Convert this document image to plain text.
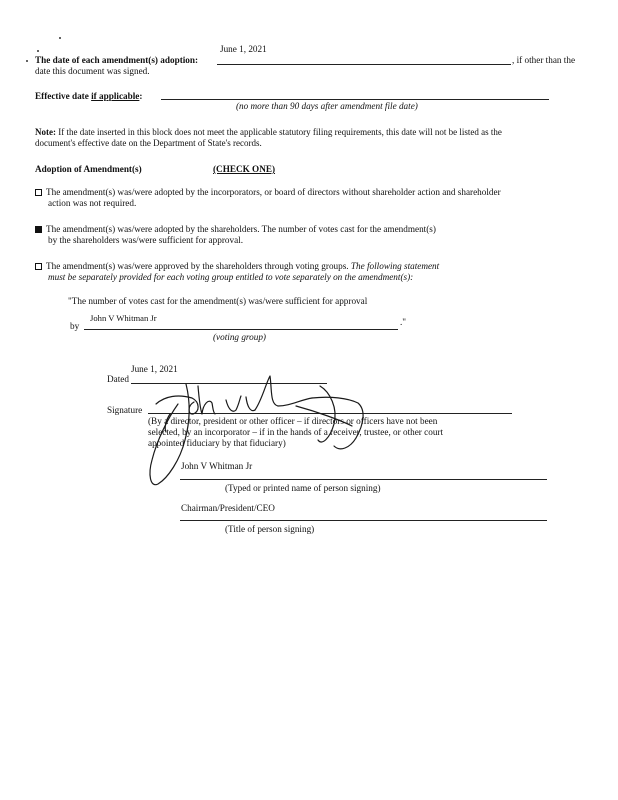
June 1, 2021
The date of each amendment(s) adoption:	, if other than the
date this document was signed.
Effective date if applicable:
(no more than 90 days after amendment file date)
Note: If the date inserted in this block does not meet the applicable statutory filing requirements, this date will not be listed as the
document's effective date on the Department of State's records.
Adoption of Amendment(s)	(CHECK ONE)
The amendment(s) was/were adopted by the incorporators, or board of directors without shareholder action and shareholder
action was not required.
The amendment(s) was/were adopted by the shareholders. The number of votes cast for the amendment(s)
by the shareholders was/were sufficient for approval.
The amendment(s) was/were approved by the shareholders through voting groups. The following statement
must be separately provided for each voting group entitled to vote separately on the amendment(s):
"The number of votes cast for the amendment(s) was/were sufficient for approval
John V Whitman Jr
by	."
(voting group)
June 1, 2021
Dated
Signature
(By a director, president or other officer – if directors or officers have not been
selected, by an incorporator – if in the hands of a receiver, trustee, or other court
appointed fiduciary by that fiduciary)
John V Whitman Jr
(Typed or printed name of person signing)
Chairman/President/CEO
(Title of person signing)
